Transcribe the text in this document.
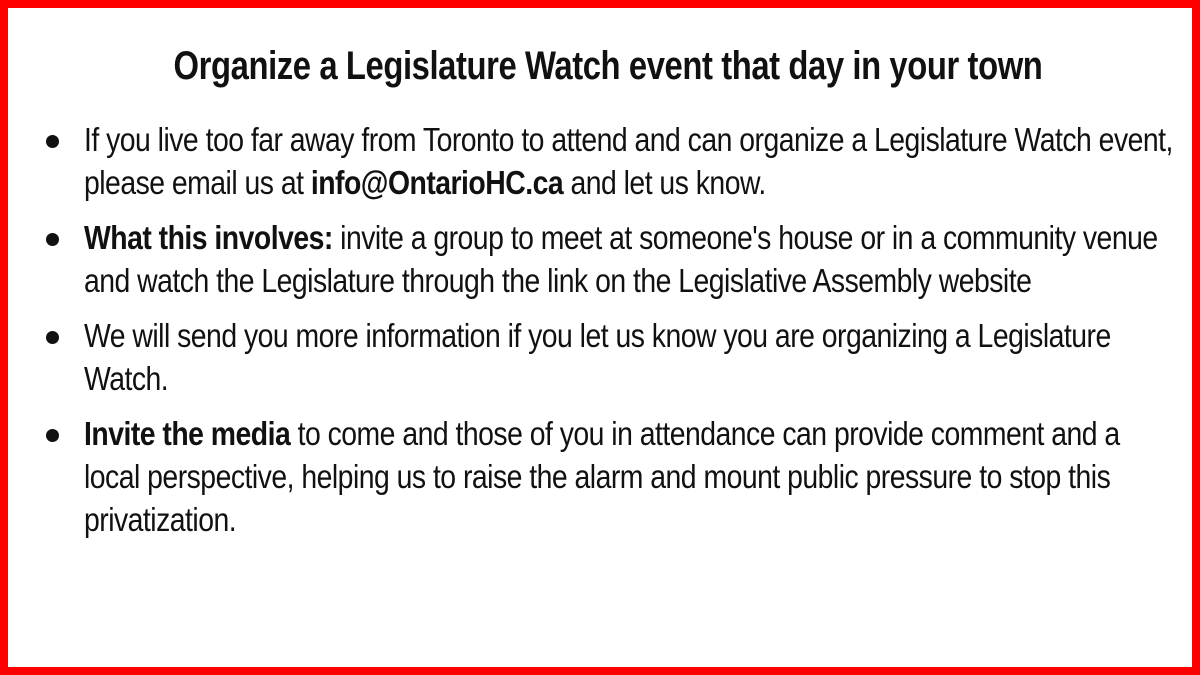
Organize a Legislature Watch event that day in your town
If you live too far away from Toronto to attend and can organize a Legislature Watch event, please email us at info@OntarioHC.ca and let us know.
What this involves: invite a group to meet at someone's house or in a community venue and watch the Legislature through the link on the Legislative Assembly website
We will send you more information if you let us know you are organizing a Legislature Watch.
Invite the media to come and those of you in attendance can provide comment and a local perspective, helping us to raise the alarm and mount public pressure to stop this privatization.
